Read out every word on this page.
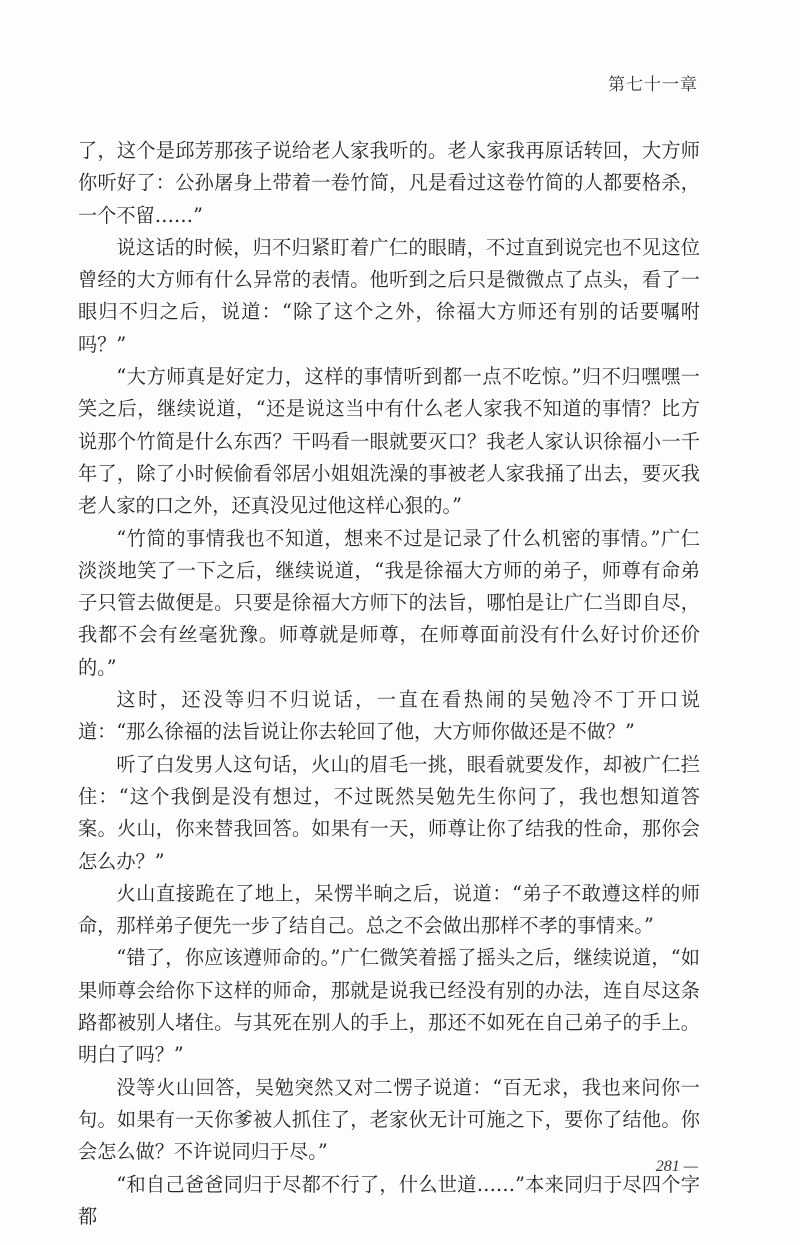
第七十一章

了，这个是邱芳那孩子说给老人家我听的。老人家我再原话转回，大方师你听好了：公孙屠身上带着一卷竹简，凡是看过这卷竹简的人都要格杀，一个不留……”

说这话的时候，归不归紧盯着广仁的眼睛，不过直到说完也不见这位曾经的大方师有什么异常的表情。他听到之后只是微微点了点头，看了一眼归不归之后，说道：“除了这个之外，徐福大方师还有别的话要嘱咐吗？”

“大方师真是好定力，这样的事情听到都一点不吃惊。”归不归嘿嘿一笑之后，继续说道，“还是说这当中有什么老人家我不知道的事情？比方说那个竹简是什么东西？干吗看一眼就要灭口？我老人家认识徐福小一千年了，除了小时候偷看邻居小姐姐洗澡的事被老人家我捅了出去，要灭我老人家的口之外，还真没见过他这样心狠的。”

“竹简的事情我也不知道，想来不过是记录了什么机密的事情。”广仁淡淡地笑了一下之后，继续说道，“我是徐福大方师的弟子，师尊有命弟子只管去做便是。只要是徐福大方师下的法旨，哪怕是让广仁当即自尽，我都不会有丝毫犹豫。师尊就是师尊，在师尊面前没有什么好讨价还价的。”

这时，还没等归不归说话，一直在看热闹的吴勉冷不丁开口说道：“那么徐福的法旨说让你去轮回了他，大方师你做还是不做？”

听了白发男人这句话，火山的眉毛一挑，眼看就要发作，却被广仁拦住：“这个我倒是没有想过，不过既然吴勉先生你问了，我也想知道答案。火山，你来替我回答。如果有一天，师尊让你了结我的性命，那你会怎么办？”

火山直接跪在了地上，呆愣半晌之后，说道：“弟子不敢遵这样的师命，那样弟子便先一步了结自己。总之不会做出那样不孝的事情来。”

“错了，你应该遵师命的。”广仁微笑着摇了摇头之后，继续说道，“如果师尊会给你下这样的师命，那就是说我已经没有别的办法，连自尽这条路都被别人堵住。与其死在别人的手上，那还不如死在自己弟子的手上。明白了吗？”

没等火山回答，吴勉突然又对二愣子说道：“百无求，我也来问你一句。如果有一天你爹被人抓住了，老家伙无计可施之下，要你了结他。你会怎么做？不许说同归于尽。”

“和自己爸爸同归于尽都不行了，什么世道……”本来同归于尽四个字都

281 —
